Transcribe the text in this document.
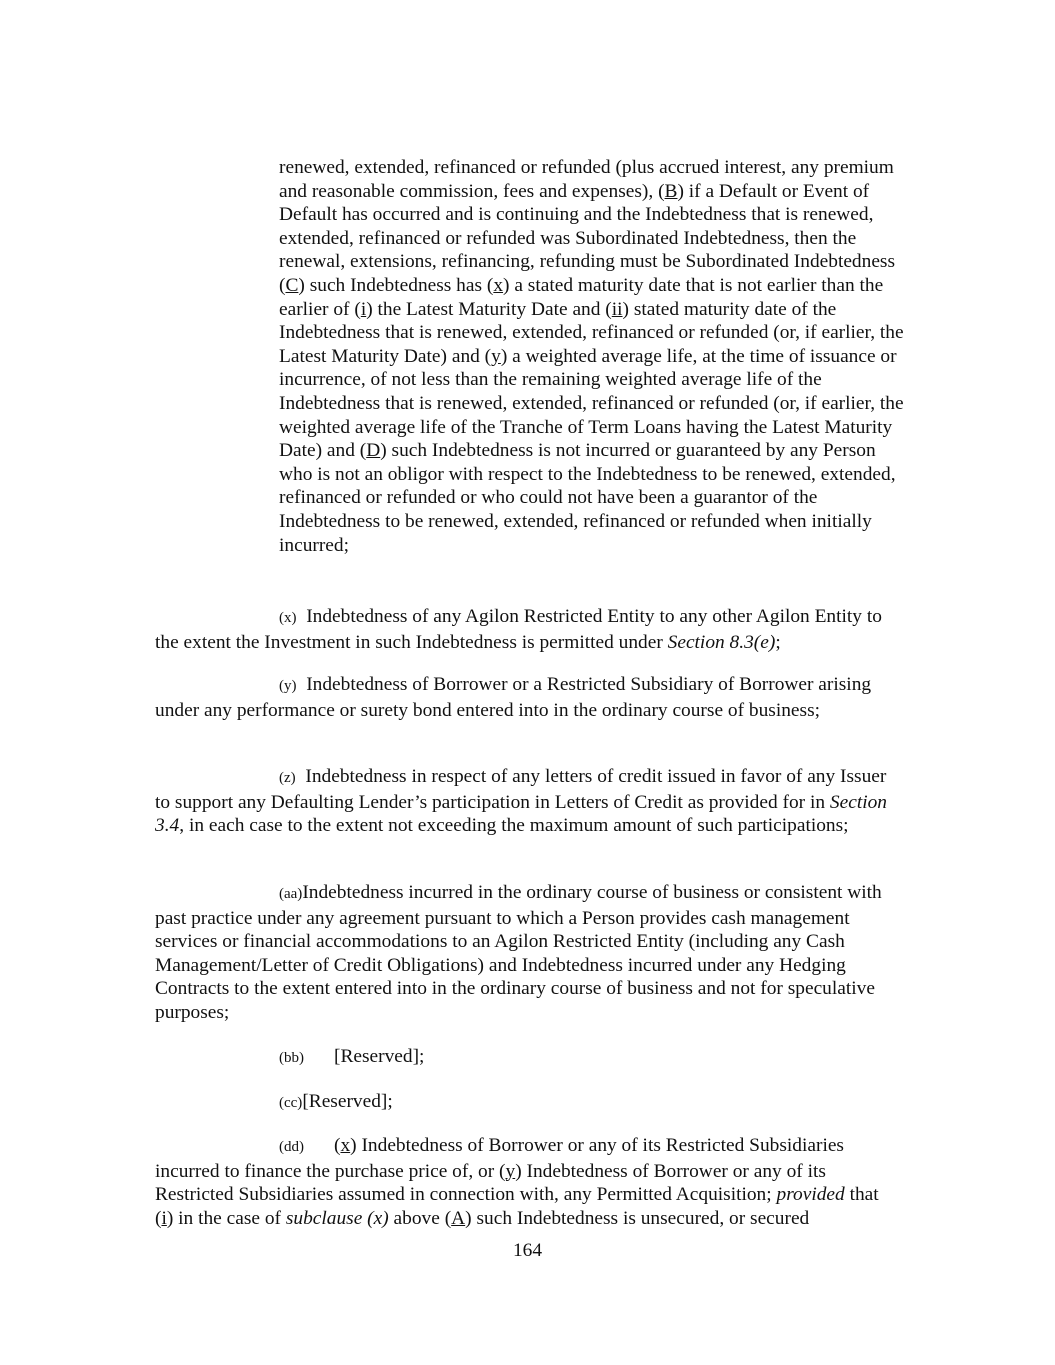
renewed, extended, refinanced or refunded (plus accrued interest, any premium and reasonable commission, fees and expenses), (B) if a Default or Event of Default has occurred and is continuing and the Indebtedness that is renewed, extended, refinanced or refunded was Subordinated Indebtedness, then the renewal, extensions, refinancing, refunding must be Subordinated Indebtedness (C) such Indebtedness has (x) a stated maturity date that is not earlier than the earlier of (i) the Latest Maturity Date and (ii) stated maturity date of the Indebtedness that is renewed, extended, refinanced or refunded (or, if earlier, the Latest Maturity Date) and (y) a weighted average life, at the time of issuance or incurrence, of not less than the remaining weighted average life of the Indebtedness that is renewed, extended, refinanced or refunded (or, if earlier, the weighted average life of the Tranche of Term Loans having the Latest Maturity Date) and (D) such Indebtedness is not incurred or guaranteed by any Person who is not an obligor with respect to the Indebtedness to be renewed, extended, refinanced or refunded or who could not have been a guarantor of the Indebtedness to be renewed, extended, refinanced or refunded when initially incurred;

(x) Indebtedness of any Agilon Restricted Entity to any other Agilon Entity to the extent the Investment in such Indebtedness is permitted under Section 8.3(e);

(y) Indebtedness of Borrower or a Restricted Subsidiary of Borrower arising under any performance or surety bond entered into in the ordinary course of business;

(z) Indebtedness in respect of any letters of credit issued in favor of any Issuer to support any Defaulting Lender’s participation in Letters of Credit as provided for in Section 3.4, in each case to the extent not exceeding the maximum amount of such participations;

(aa)Indebtedness incurred in the ordinary course of business or consistent with past practice under any agreement pursuant to which a Person provides cash management services or financial accommodations to an Agilon Restricted Entity (including any Cash Management/Letter of Credit Obligations) and Indebtedness incurred under any Hedging Contracts to the extent entered into in the ordinary course of business and not for speculative purposes;

(bb) [Reserved];

(cc)[Reserved];

(dd) (x) Indebtedness of Borrower or any of its Restricted Subsidiaries incurred to finance the purchase price of, or (y) Indebtedness of Borrower or any of its Restricted Subsidiaries assumed in connection with, any Permitted Acquisition; provided that (i) in the case of subclause (x) above (A) such Indebtedness is unsecured, or secured

164
